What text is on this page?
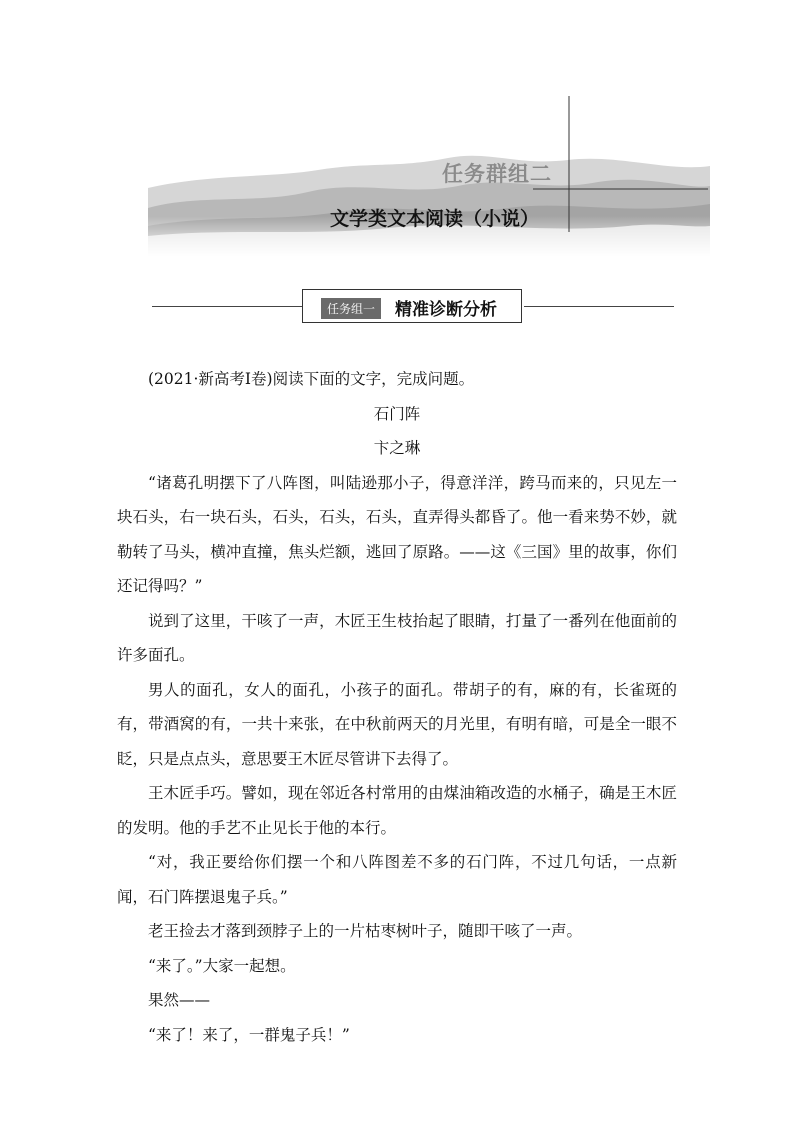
任务群组二
文学类文本阅读（小说）
任务组一	精准诊断分析

(2021·新高考Ⅰ卷)阅读下面的文字，完成问题。

石门阵

卞之琳

“诸葛孔明摆下了八阵图，叫陆逊那小子，得意洋洋，跨马而来的，只见左一块石头，右一块石头，石头，石头，石头，直弄得头都昏了。他一看来势不妙，就勒转了马头，横冲直撞，焦头烂额，逃回了原路。——这《三国》里的故事，你们还记得吗？”

说到了这里，干咳了一声，木匠王生枝抬起了眼睛，打量了一番列在他面前的许多面孔。

男人的面孔，女人的面孔，小孩子的面孔。带胡子的有，麻的有，长雀斑的有，带酒窝的有，一共十来张，在中秋前两天的月光里，有明有暗，可是全一眼不眨，只是点点头，意思要王木匠尽管讲下去得了。

王木匠手巧。譬如，现在邻近各村常用的由煤油箱改造的水桶子，确是王木匠的发明。他的手艺不止见长于他的本行。

“对，我正要给你们摆一个和八阵图差不多的石门阵，不过几句话，一点新闻，石门阵摆退鬼子兵。”

老王捡去才落到颈脖子上的一片枯枣树叶子，随即干咳了一声。

“来了。”大家一起想。

果然——

“来了！来了，一群鬼子兵！”
